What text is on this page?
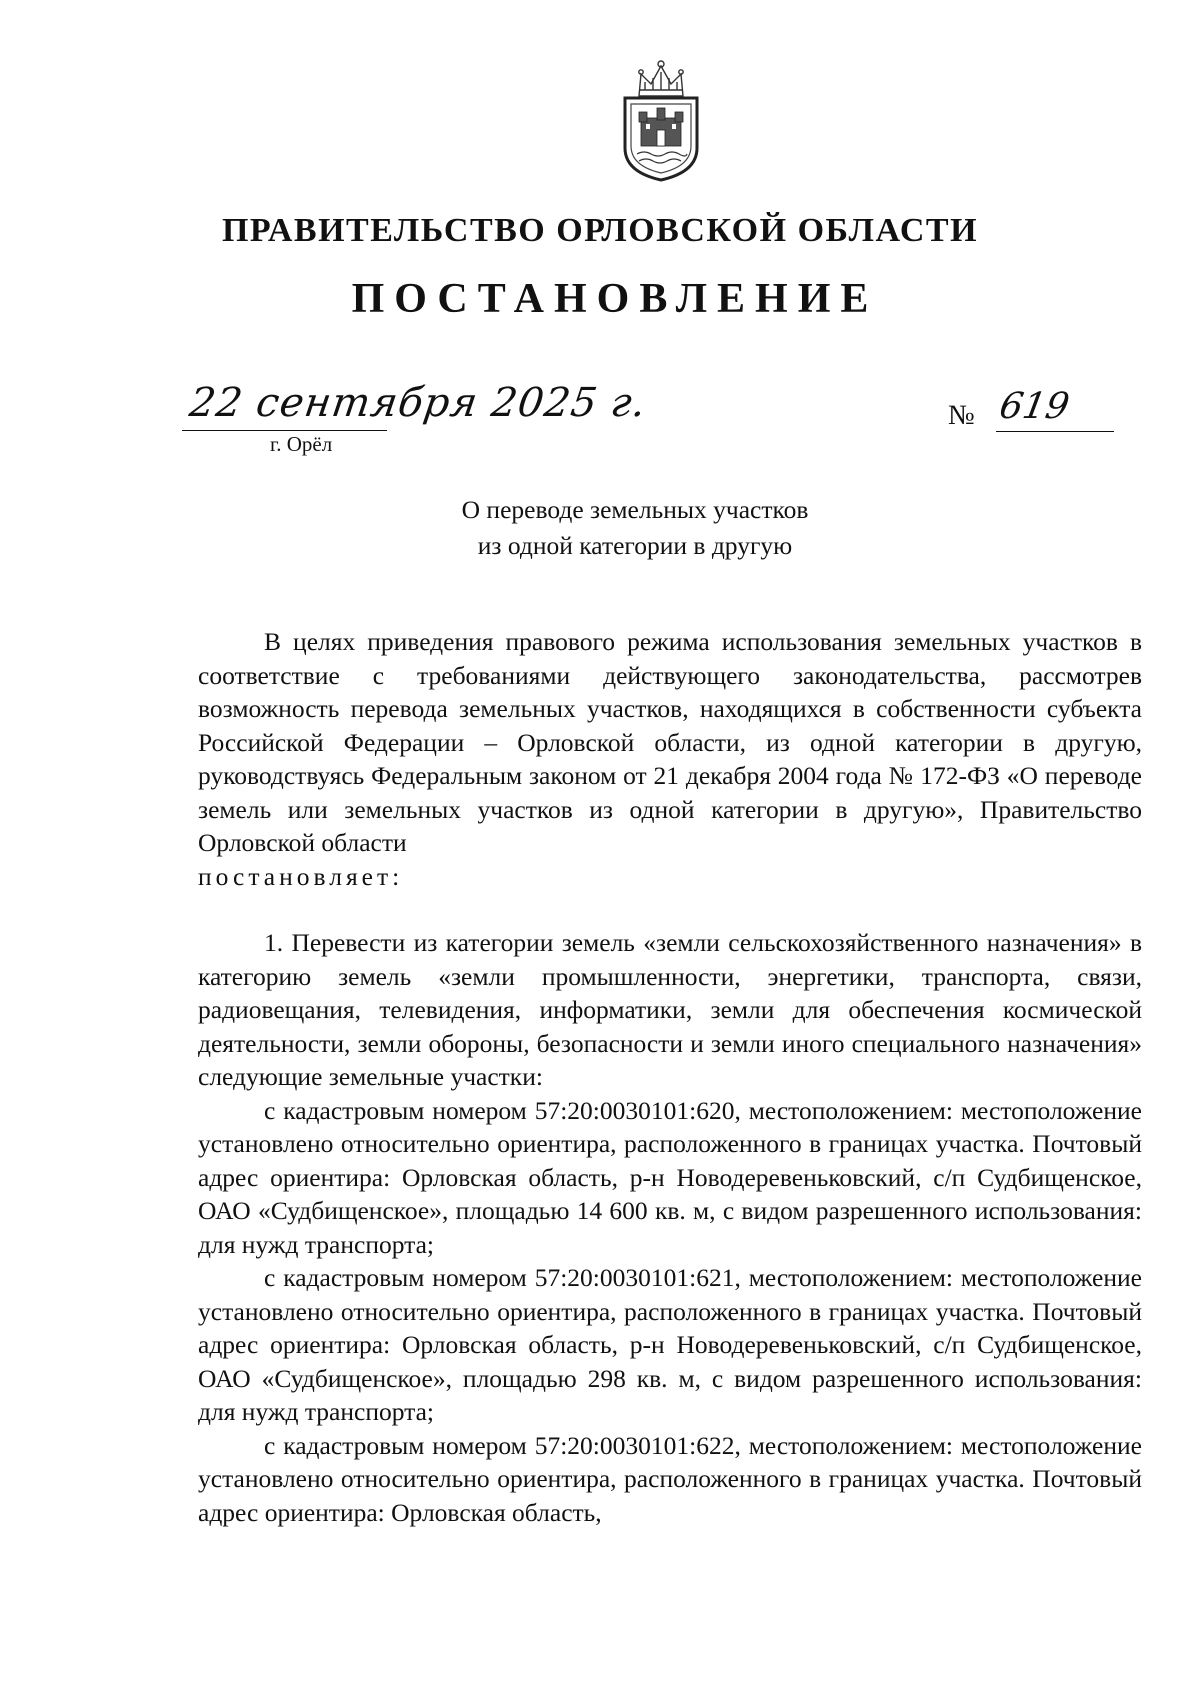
ПРАВИТЕЛЬСТВО ОРЛОВСКОЙ ОБЛАСТИ
ПОСТАНОВЛЕНИЕ
22 сентября 2025 г.
г. Орёл
№ 619
О переводе земельных участков
из одной категории в другую

В целях приведения правового режима использования земельных участков в соответствие с требованиями действующего законодательства, рассмотрев возможность перевода земельных участков, находящихся в собственности субъекта Российской Федерации – Орловской области, из одной категории в другую, руководствуясь Федеральным законом от 21 декабря 2004 года № 172-ФЗ «О переводе земель или земельных участков из одной категории в другую», Правительство Орловской области

постановляет:

1. Перевести из категории земель «земли сельскохозяйственного назначения» в категорию земель «земли промышленности, энергетики, транспорта, связи, радиовещания, телевидения, информатики, земли для обеспечения космической деятельности, земли обороны, безопасности и земли иного специального назначения» следующие земельные участки:

с кадастровым номером 57:20:0030101:620, местоположением: местоположение установлено относительно ориентира, расположенного в границах участка. Почтовый адрес ориентира: Орловская область, р-н Новодеревеньковский, с/п Судбищенское, ОАО «Судбищенское», площадью 14 600 кв. м, с видом разрешенного использования: для нужд транспорта;

с кадастровым номером 57:20:0030101:621, местоположением: местоположение установлено относительно ориентира, расположенного в границах участка. Почтовый адрес ориентира: Орловская область, р-н Новодеревеньковский, с/п Судбищенское, ОАО «Судбищенское», площадью 298 кв. м, с видом разрешенного использования: для нужд транспорта;

с кадастровым номером 57:20:0030101:622, местоположением: местоположение установлено относительно ориентира, расположенного в границах участка. Почтовый адрес ориентира: Орловская область,
